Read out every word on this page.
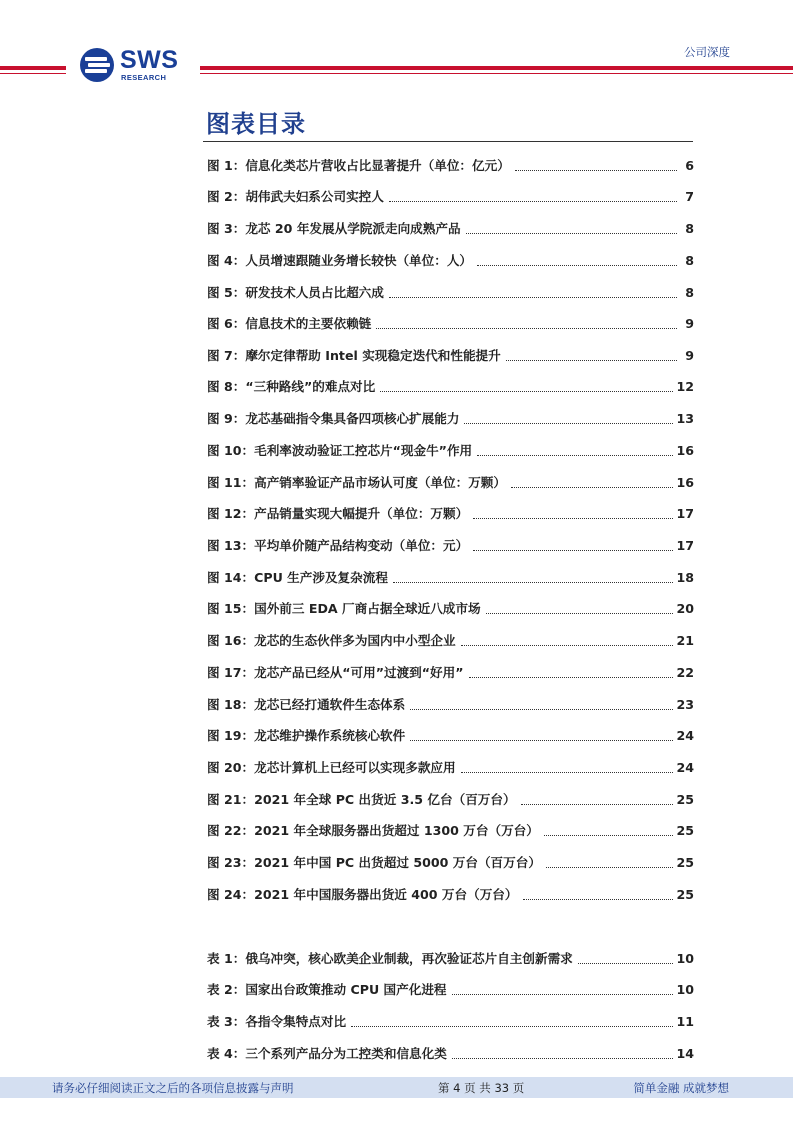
SWS
RESEARCH
公司深度
图表目录
图 1：信息化类芯片营收占比显著提升（单位：亿元）	6
图 2：胡伟武夫妇系公司实控人	7
图 3：龙芯 20 年发展从学院派走向成熟产品	8
图 4：人员增速跟随业务增长较快（单位：人）	8
图 5：研发技术人员占比超六成	8
图 6：信息技术的主要依赖链	9
图 7：摩尔定律帮助 Intel 实现稳定迭代和性能提升	9
图 8：“三种路线”的难点对比	12
图 9：龙芯基础指令集具备四项核心扩展能力	13
图 10：毛利率波动验证工控芯片“现金牛”作用	16
图 11：高产销率验证产品市场认可度（单位：万颗）	16
图 12：产品销量实现大幅提升（单位：万颗）	17
图 13：平均单价随产品结构变动（单位：元）	17
图 14：CPU 生产涉及复杂流程	18
图 15：国外前三 EDA 厂商占据全球近八成市场	20
图 16：龙芯的生态伙伴多为国内中小型企业	21
图 17：龙芯产品已经从“可用”过渡到“好用”	22
图 18：龙芯已经打通软件生态体系	23
图 19：龙芯维护操作系统核心软件	24
图 20：龙芯计算机上已经可以实现多款应用	24
图 21：2021 年全球 PC 出货近 3.5 亿台（百万台）	25
图 22：2021 年全球服务器出货超过 1300 万台（万台）	25
图 23：2021 年中国 PC 出货超过 5000 万台（百万台）	25
图 24：2021 年中国服务器出货近 400 万台（万台）	25
表 1：俄乌冲突，核心欧美企业制裁，再次验证芯片自主创新需求	10
表 2：国家出台政策推动 CPU 国产化进程	10
表 3：各指令集特点对比	11
表 4：三个系列产品分为工控类和信息化类	14
请务必仔细阅读正文之后的各项信息披露与声明	第 4 页 共 33 页	简单金融 成就梦想
